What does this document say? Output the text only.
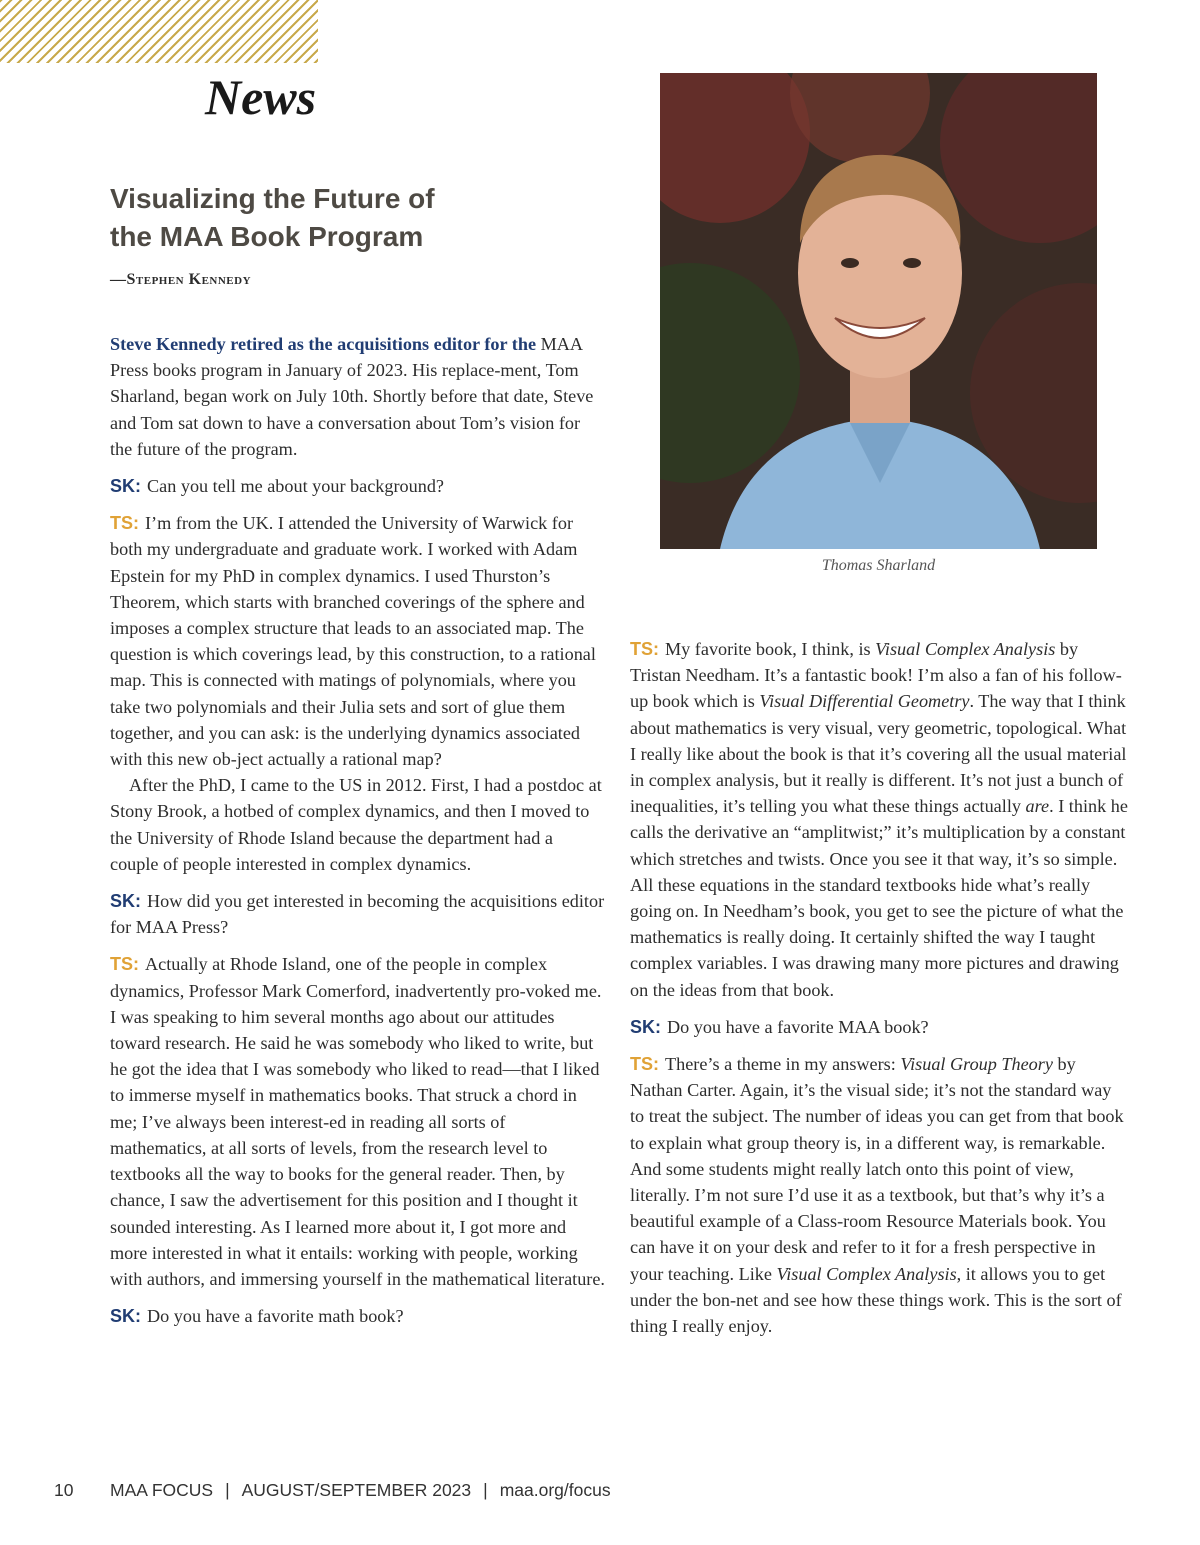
News
Visualizing the Future of
the MAA Book Program

—Stephen Kennedy

Steve Kennedy retired as the acquisitions editor for the MAA Press books program in January of 2023. His replace-ment, Tom Sharland, began work on July 10th. Shortly before that date, Steve and Tom sat down to have a conversation about Tom’s vision for the future of the program.

SK: Can you tell me about your background?

TS: I’m from the UK. I attended the University of Warwick for both my undergraduate and graduate work. I worked with Adam Epstein for my PhD in complex dynamics. I used Thurston’s Theorem, which starts with branched coverings of the sphere and imposes a complex structure that leads to an associated map. The question is which coverings lead, by this construction, to a rational map. This is connected with matings of polynomials, where you take two polynomials and their Julia sets and sort of glue them together, and you can ask: is the underlying dynamics associated with this new ob-ject actually a rational map?

After the PhD, I came to the US in 2012. First, I had a postdoc at Stony Brook, a hotbed of complex dynamics, and then I moved to the University of Rhode Island because the department had a couple of people interested in complex dynamics.

SK: How did you get interested in becoming the acquisitions editor for MAA Press?

TS: Actually at Rhode Island, one of the people in complex dynamics, Professor Mark Comerford, inadvertently pro-voked me. I was speaking to him several months ago about our attitudes toward research. He said he was somebody who liked to write, but he got the idea that I was somebody who liked to read—that I liked to immerse myself in mathematics books. That struck a chord in me; I’ve always been interest-ed in reading all sorts of mathematics, at all sorts of levels, from the research level to textbooks all the way to books for the general reader. Then, by chance, I saw the advertisement for this position and I thought it sounded interesting. As I learned more about it, I got more and more interested in what it entails: working with people, working with authors, and immersing yourself in the mathematical literature.

SK: Do you have a favorite math book?

Thomas Sharland

TS: My favorite book, I think, is Visual Complex Analysis by Tristan Needham. It’s a fantastic book! I’m also a fan of his follow-up book which is Visual Differential Geometry. The way that I think about mathematics is very visual, very geometric, topological. What I really like about the book is that it’s covering all the usual material in complex analysis, but it really is different. It’s not just a bunch of inequalities, it’s telling you what these things actually are. I think he calls the derivative an “amplitwist;” it’s multiplication by a constant which stretches and twists. Once you see it that way, it’s so simple. All these equations in the standard textbooks hide what’s really going on. In Needham’s book, you get to see the picture of what the mathematics is really doing. It certainly shifted the way I taught complex variables. I was drawing many more pictures and drawing on the ideas from that book.

SK: Do you have a favorite MAA book?

TS: There’s a theme in my answers: Visual Group Theory by Nathan Carter. Again, it’s the visual side; it’s not the standard way to treat the subject. The number of ideas you can get from that book to explain what group theory is, in a different way, is remarkable. And some students might really latch onto this point of view, literally. I’m not sure I’d use it as a textbook, but that’s why it’s a beautiful example of a Class-room Resource Materials book. You can have it on your desk and refer to it for a fresh perspective in your teaching. Like Visual Complex Analysis, it allows you to get under the bon-net and see how these things work. This is the sort of thing I really enjoy.

10 MAA FOCUS | AUGUST/SEPTEMBER 2023 | maa.org/focus
